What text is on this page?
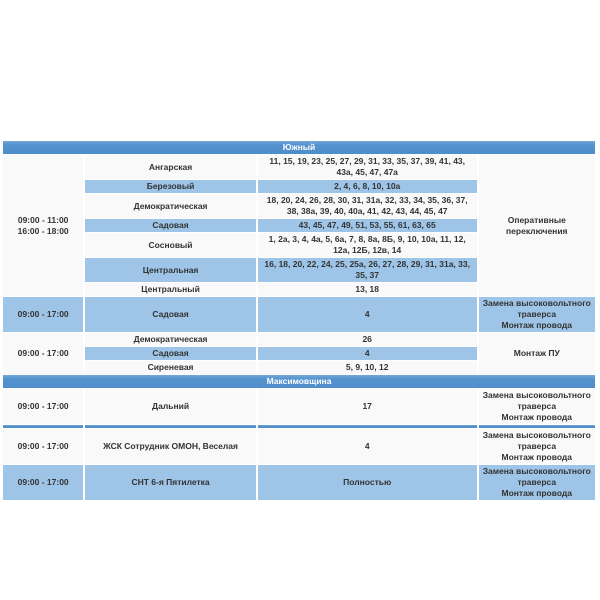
Южный			

09:00 - 11:00
16:00 - 18:00	Ангарская	11, 15, 19, 23, 25, 27, 29, 31, 33, 35, 37, 39, 41, 43, 43а, 45, 47, 47а	Оперативные переключения

	Березовый	2, 4, 6, 8, 10, 10а	
	Демократическая	18, 20, 24, 26, 28, 30, 31, 31а, 32, 33, 34, 35, 36, 37, 38, 38а, 39, 40, 40а, 41, 42, 43, 44, 45, 47	
	Садовая	43, 45, 47, 49, 51, 53, 55, 61, 63, 65	
	Сосновый	1, 2а, 3, 4, 4а, 5, 6а, 7, 8, 8а, 8Б, 9, 10, 10а, 11, 12, 12а, 12Б, 12в, 14	
	Центральная	16, 18, 20, 22, 24, 25, 25а, 26, 27, 28, 29, 31, 31а, 33, 35, 37	
	Центральный	13, 18	
09:00 - 17:00	Садовая	4	Замена высоковольтного траверса
Монтаж провода

09:00 - 17:00	Демократическая	26	Монтаж ПУ
	Садовая	4	
	Сиреневая	5, 9, 10, 12	
Максимовщина			
09:00 - 17:00	Дальний	17	Замена высоковольтного траверса
Монтаж провода

09:00 - 17:00	ЖСК Сотрудник ОМОН, Веселая	4	Замена высоковольтного траверса
Монтаж провода

09:00 - 17:00	СНТ 6-я Пятилетка	Полностью	Замена высоковольтного траверса
Монтаж провода
